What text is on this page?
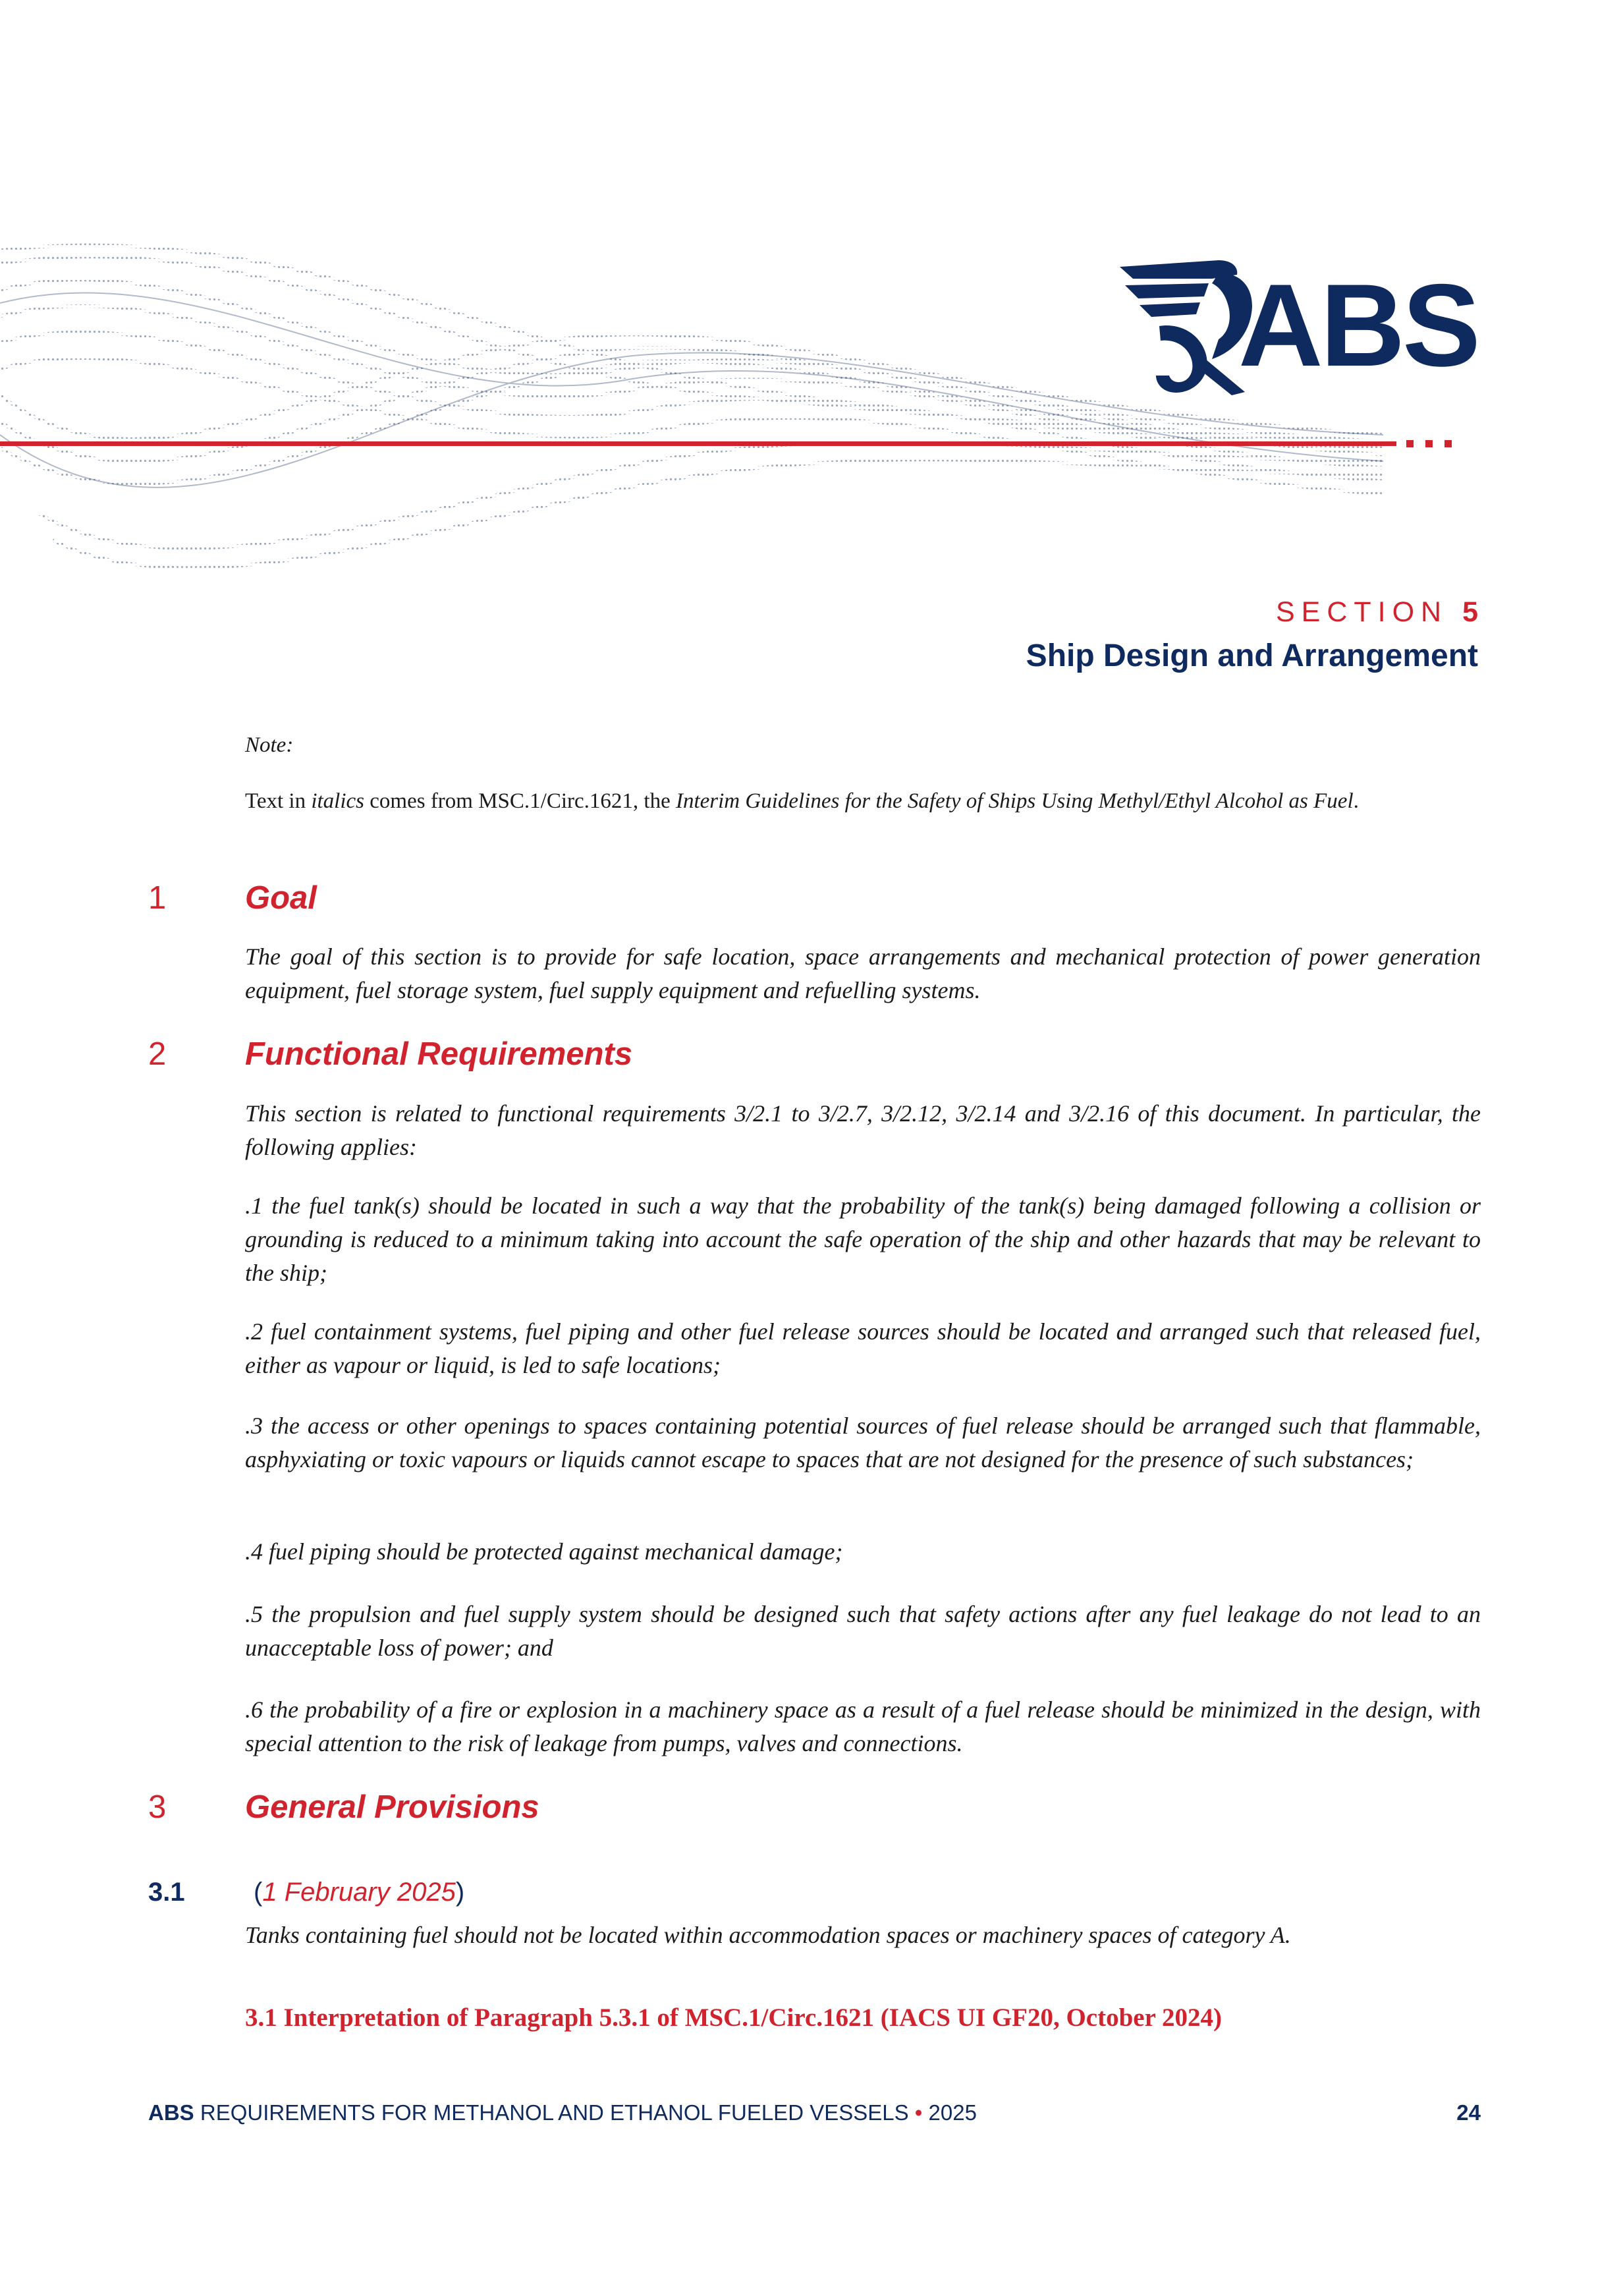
ABS
SECTION 5
Ship Design and Arrangement
Note:
Text in italics comes from MSC.1/Circ.1621, the Interim Guidelines for the Safety of Ships Using Methyl/Ethyl Alcohol as Fuel.
1 Goal
The goal of this section is to provide for safe location, space arrangements and mechanical protection of power generation equipment, fuel storage system, fuel supply equipment and refuelling systems.
2 Functional Requirements
This section is related to functional requirements 3/2.1 to 3/2.7, 3/2.12, 3/2.14 and 3/2.16 of this document. In particular, the following applies:
.1 the fuel tank(s) should be located in such a way that the probability of the tank(s) being damaged following a collision or grounding is reduced to a minimum taking into account the safe operation of the ship and other hazards that may be relevant to the ship;
.2 fuel containment systems, fuel piping and other fuel release sources should be located and arranged such that released fuel, either as vapour or liquid, is led to safe locations;
.3 the access or other openings to spaces containing potential sources of fuel release should be arranged such that flammable, asphyxiating or toxic vapours or liquids cannot escape to spaces that are not designed for the presence of such substances;
.4 fuel piping should be protected against mechanical damage;
.5 the propulsion and fuel supply system should be designed such that safety actions after any fuel leakage do not lead to an unacceptable loss of power; and
.6 the probability of a fire or explosion in a machinery space as a result of a fuel release should be minimized in the design, with special attention to the risk of leakage from pumps, valves and connections.
3 General Provisions
3.1	(1 February 2025)
Tanks containing fuel should not be located within accommodation spaces or machinery spaces of category A.
3.1 Interpretation of Paragraph 5.3.1 of MSC.1/Circ.1621 (IACS UI GF20, October 2024)
ABS REQUIREMENTS FOR METHANOL AND ETHANOL FUELED VESSELS • 2025	24
